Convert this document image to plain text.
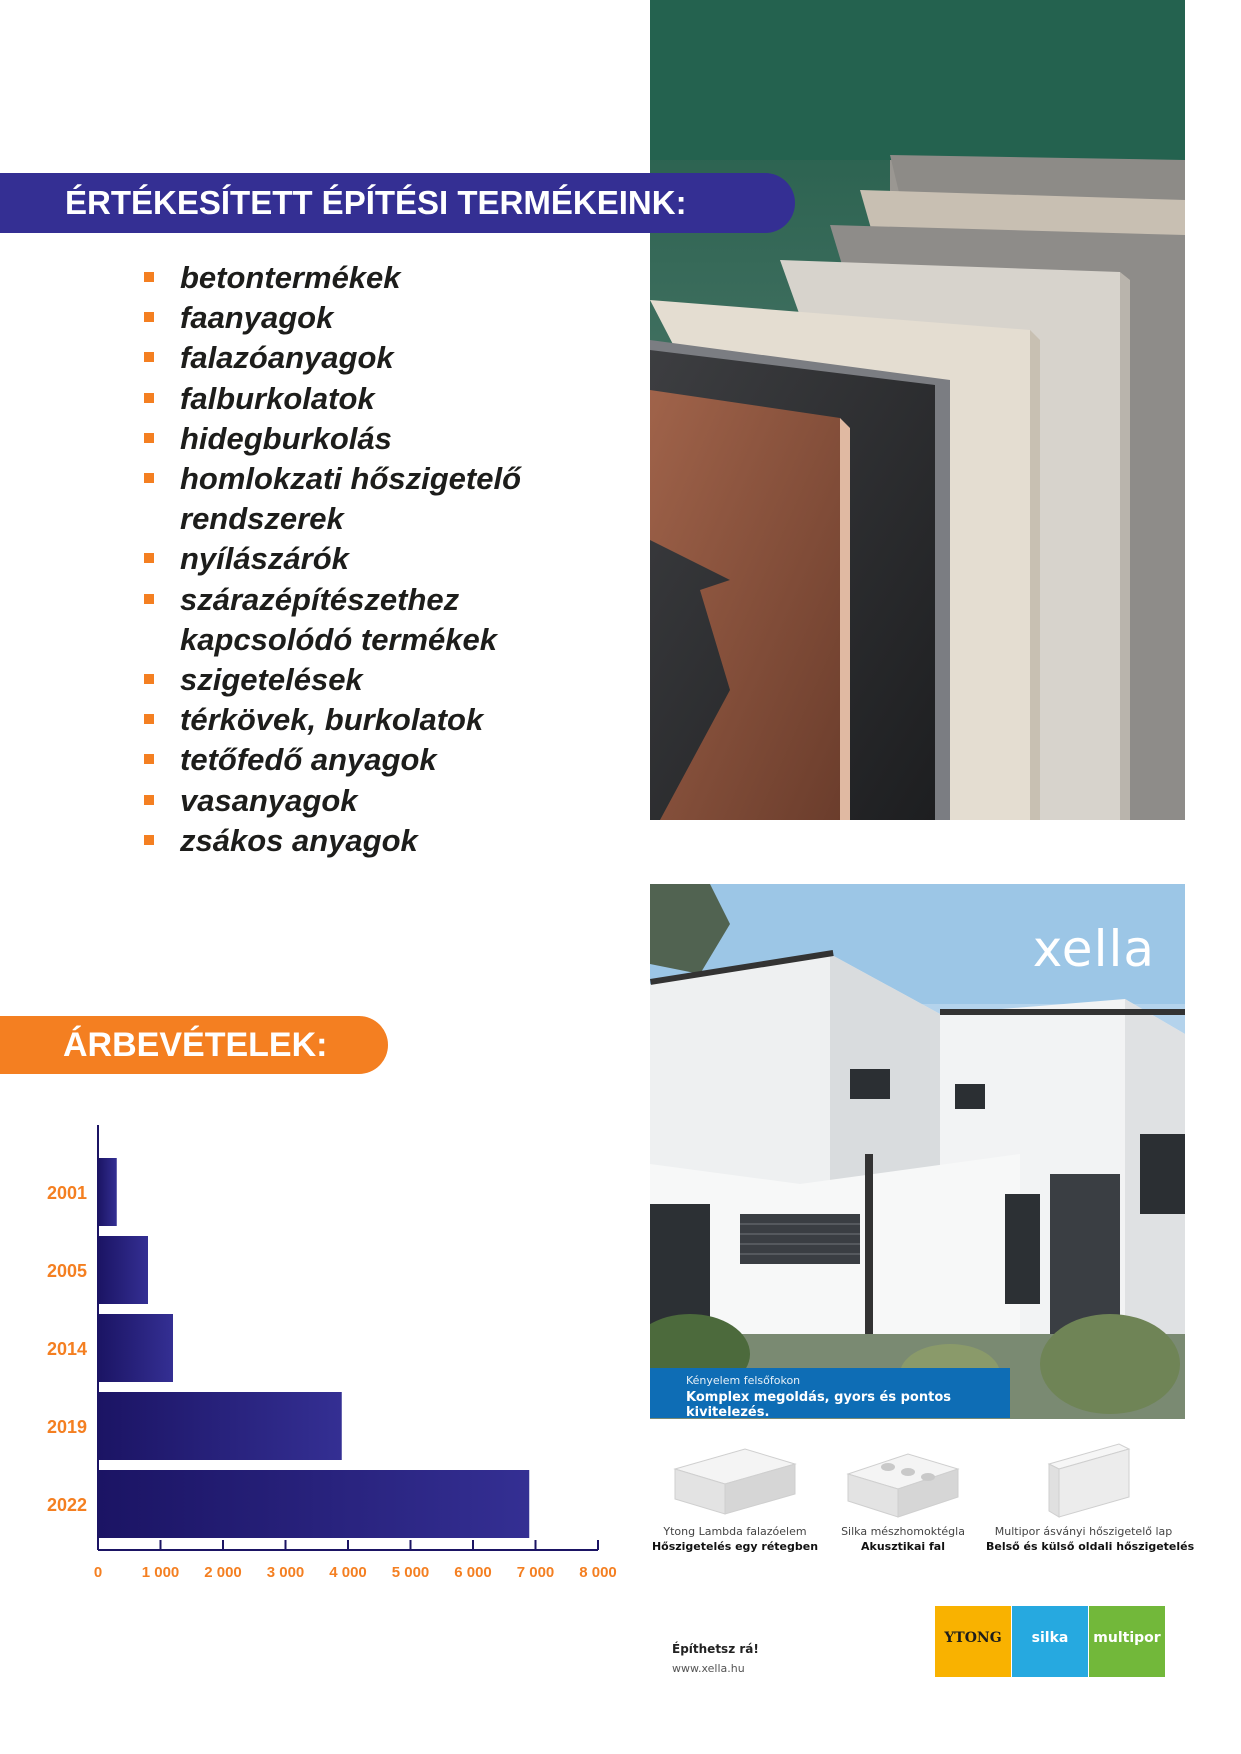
ÉRTÉKESÍTETT ÉPÍTÉSI TERMÉKEINK:
betontermékek
faanyagok
falazóanyagok
falburkolatok
hidegburkolás
homlokzati hőszigetelő rendszerek
nyílászárók
szárazépítészethez kapcsolódó termékek
szigetelések
térkövek, burkolatok
tetőfedő anyagok
vasanyagok
zsákos anyagok
ÁRBEVÉTELEK:
2001
2005
2014
2019
2022
0	1 000 2 000 3 000 4 000 5 000 6 000 7 000 8 000
xella
Kényelem felsőfokon
Komplex megoldás, gyors és pontos kivitelezés.
Ytong Lambda falazóelem
Hőszigetelés egy rétegben
Silka mészhomoktégla
Akusztikai fal
Multipor ásványi hőszigetelő lap
Belső és külső oldali hőszigetelés
Építhetsz rá!
www.xella.hu
YTONG	silka	multipor
